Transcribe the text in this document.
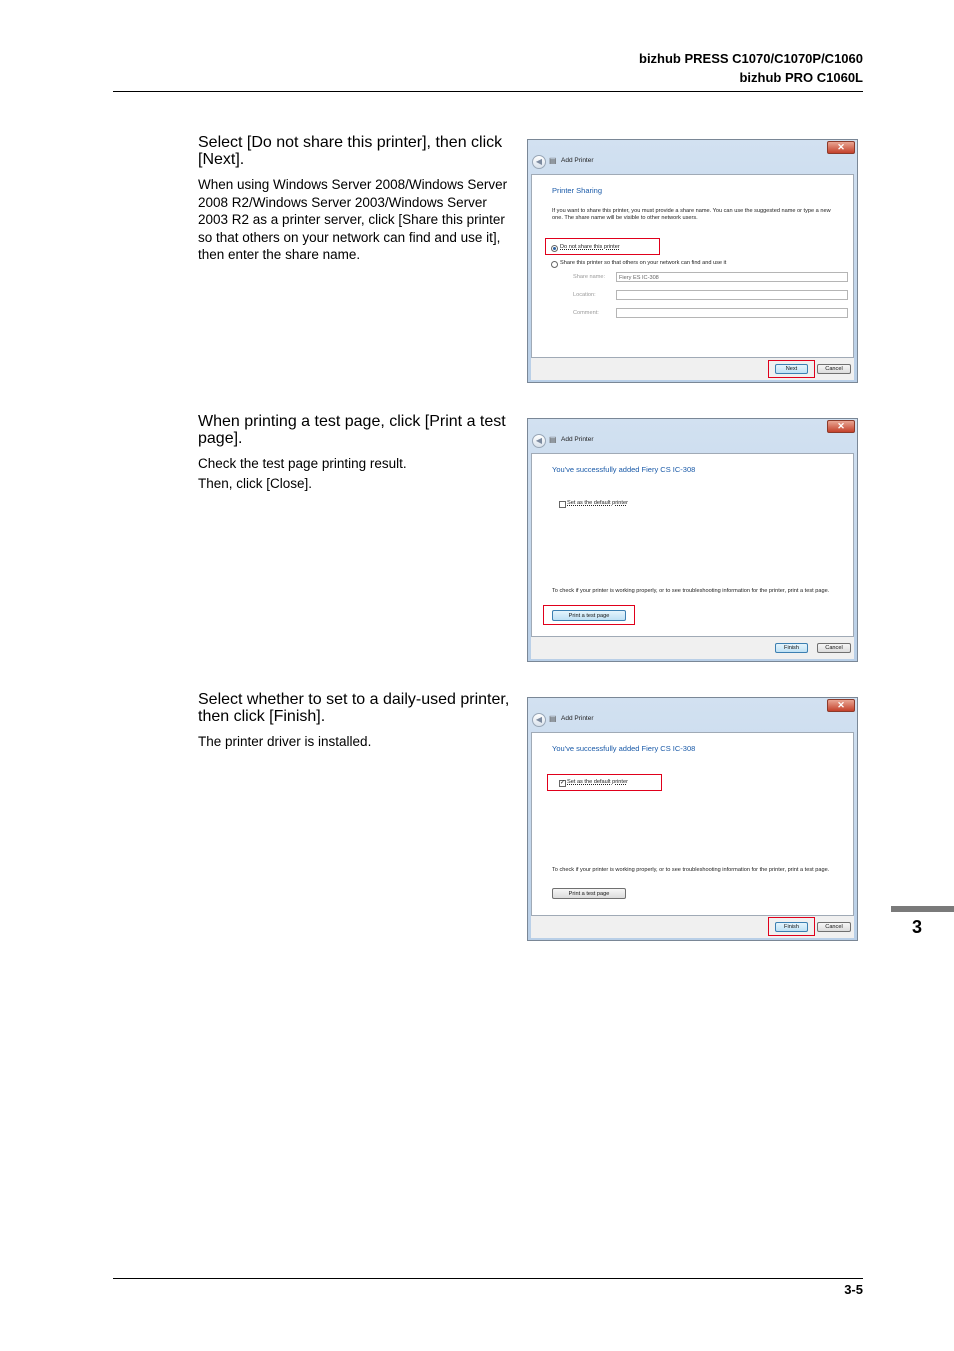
bizhub PRESS C1070/C1070P/C1060
bizhub PRO C1060L

Select [Do not share this printer], then click [Next].

When using Windows Server 2008/Windows Server 2008 R2/Windows Server 2003/Windows Server 2003 R2 as a printer server, click [Share this printer so that others on your network can find and use it], then enter the share name.

When printing a test page, click [Print a test page].

Check the test page printing result.

Then, click [Close].

Select whether to set to a daily-used printer, then click [Finish].

The printer driver is installed.

✕
◀ ▤ Add Printer
Printer Sharing
If you want to share this printer, you must provide a share name. You can use the suggested name or type a new one. The share name will be visible to other network users.
Do not share this printer
Share this printer so that others on your network can find and use it
Share name:	Fiery ES IC-308
Location:
Comment:
Next	Cancel
✕
◀ ▤ Add Printer
You've successfully added Fiery CS IC-308
Set as the default printer
To check if your printer is working properly, or to see troubleshooting information for the printer, print a test page.
Print a test page
Finish	Cancel
✕
◀ ▤ Add Printer
You've successfully added Fiery CS IC-308
✓ Set as the default printer
To check if your printer is working properly, or to see troubleshooting information for the printer, print a test page.
Print a test page
Finish	Cancel	3
3-5
